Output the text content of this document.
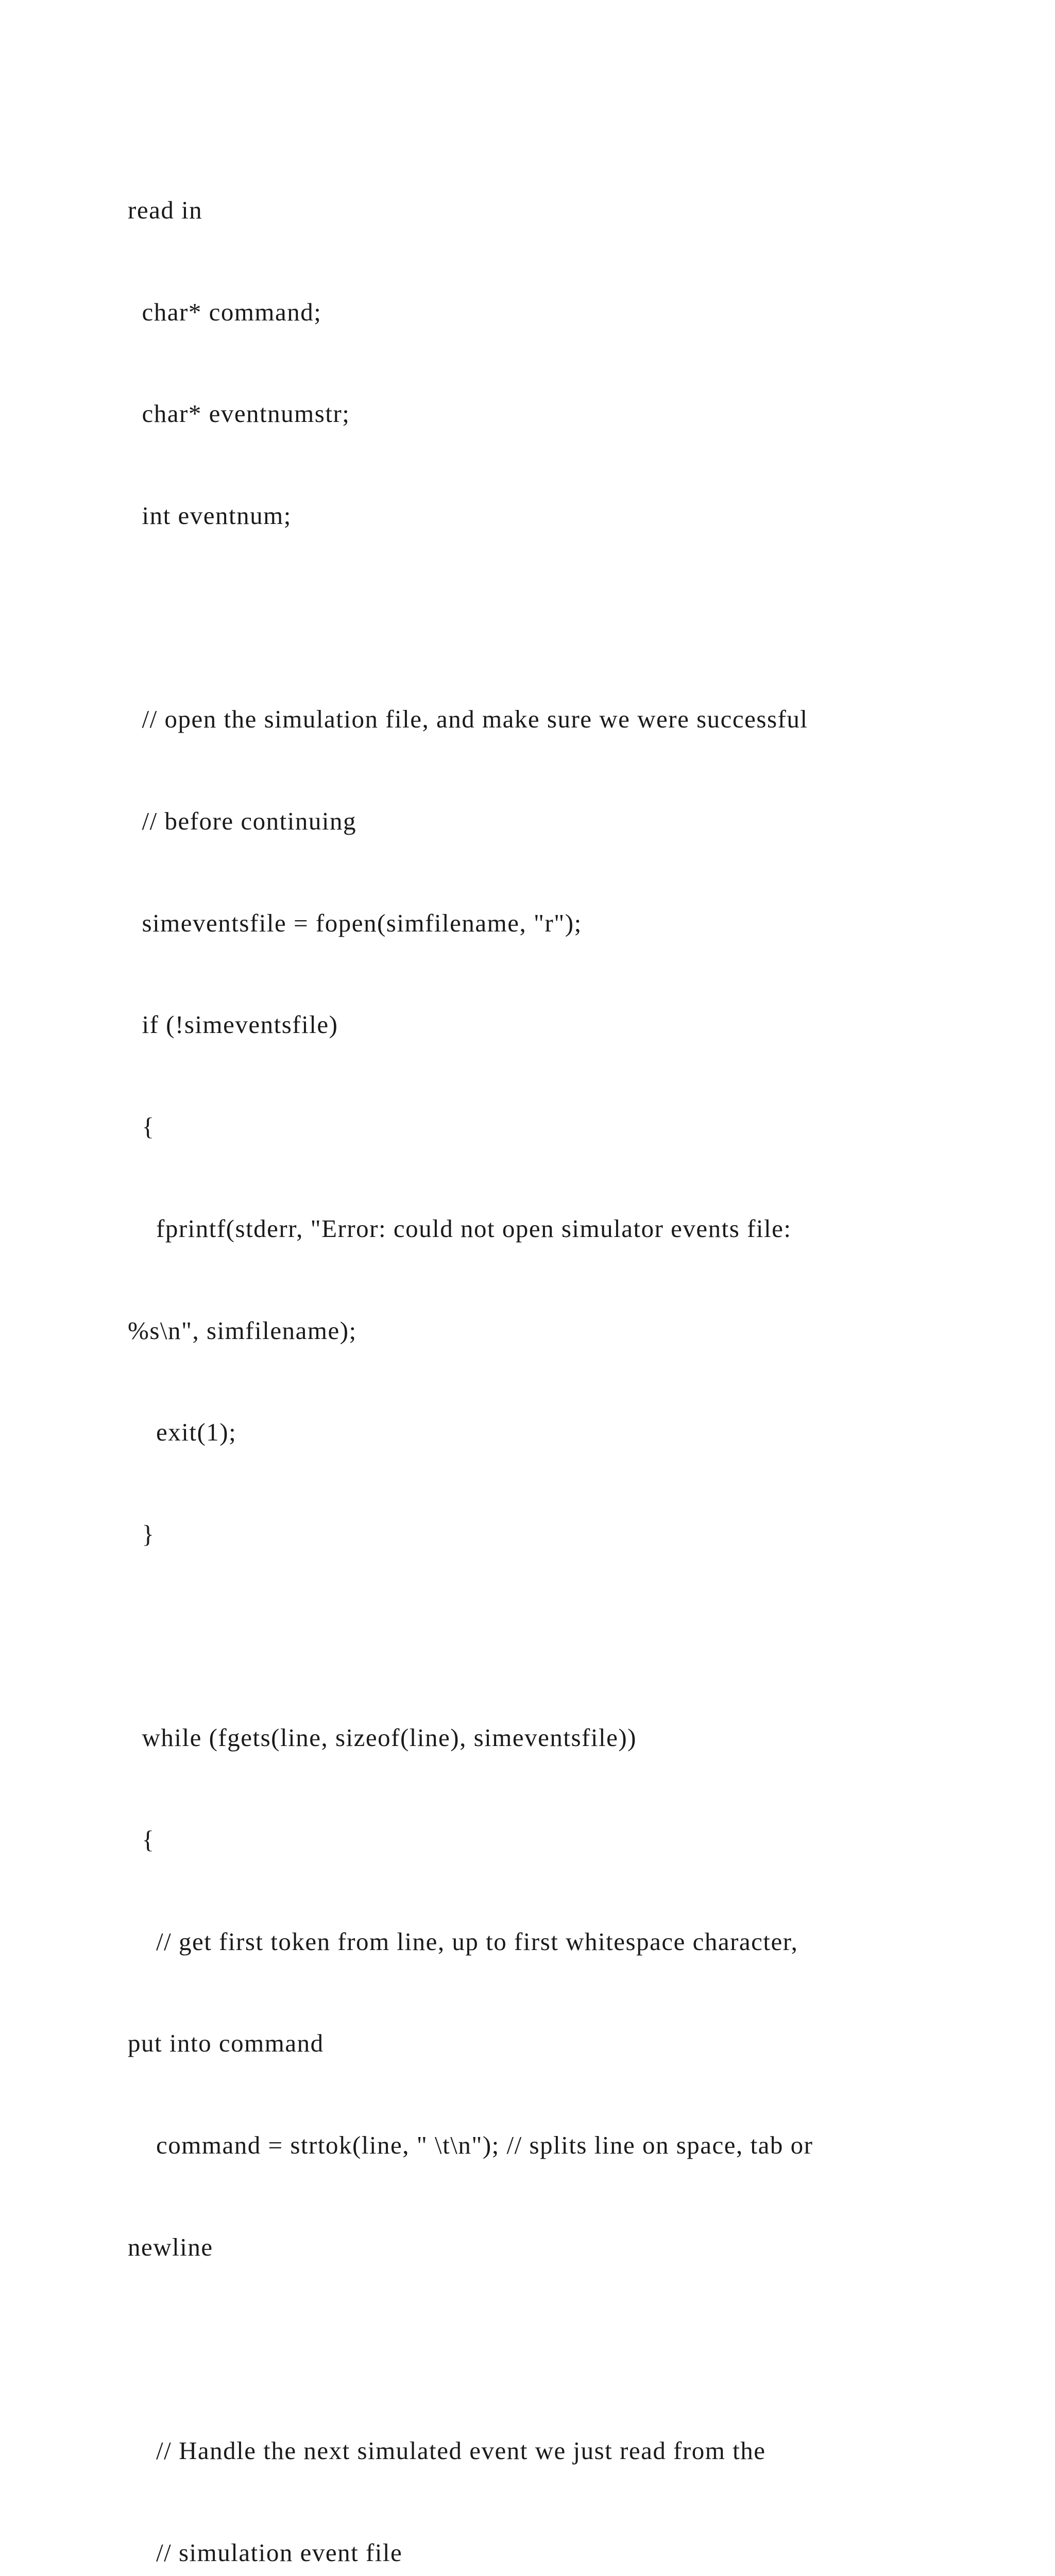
read in

char* command;

char* eventnumstr;

int eventnum;

// open the simulation file, and make sure we were successful

// before continuing

simeventsfile = fopen(simfilename, "r");

if (!simeventsfile)

{

fprintf(stderr, "Error: could not open simulator events file:

%s\n", simfilename);

exit(1);

}

while (fgets(line, sizeof(line), simeventsfile))

{

// get first token from line, up to first whitespace character,

put into command

command = strtok(line, " \t\n"); // splits line on space, tab or

newline

// Handle the next simulated event we just read from the

// simulation event file
